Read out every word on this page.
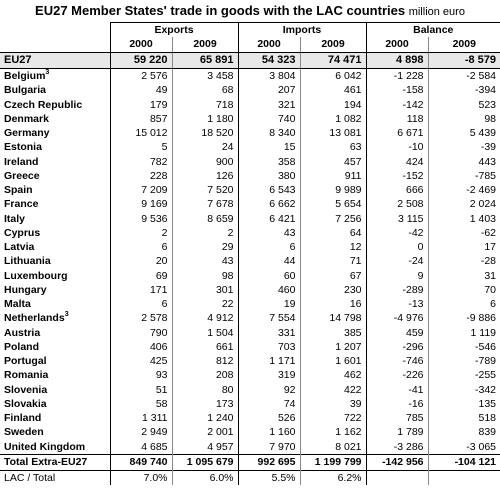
EU27 Member States' trade in goods with the LAC countries million euro
	Exports		Imports		Balance	
	2000	2009	2000	2009	2000	2009
EU27	59 220	65 891	54 323	74 471	4 898	-8 579
Belgium$^3$	2 576	3 458	3 804	6 042	-1 228	-2 584
Bulgaria	49	68	207	461	-158	-394
Czech Republic	179	718	321	194	-142	523
Denmark	857	1 180	740	1 082	118	98
Germany	15 012	18 520	8 340	13 081	6 671	5 439
Estonia	5	24	15	63	-10	-39
Ireland	782	900	358	457	424	443
Greece	228	126	380	911	-152	-785
Spain	7 209	7 520	6 543	9 989	666	-2 469
France	9 169	7 678	6 662	5 654	2 508	2 024
Italy	9 536	8 659	6 421	7 256	3 115	1 403
Cyprus	2	2	43	64	-42	-62
Latvia	6	29	6	12	0	17
Lithuania	20	43	44	71	-24	-28
Luxembourg	69	98	60	67	9	31
Hungary	171	301	460	230	-289	70
Malta	6	22	19	16	-13	6
Netherlands$^3$	2 578	4 912	7 554	14 798	-4 976	-9 886
Austria	790	1 504	331	385	459	1 119
Poland	406	661	703	1 207	-296	-546
Portugal	425	812	1 171	1 601	-746	-789
Romania	93	208	319	462	-226	-255
Slovenia	51	80	92	422	-41	-342
Slovakia	58	173	74	39	-16	135
Finland	1 311	1 240	526	722	785	518
Sweden	2 949	2 001	1 160	1 162	1 789	839
United Kingdom	4 685	4 957	7 970	8 021	-3 286	-3 065
Total Extra-EU27	849 740	1 095 679	992 695	1 199 799	-142 956	-104 121
LAC / Total	7.0%	6.0%	5.5%	6.2%		
